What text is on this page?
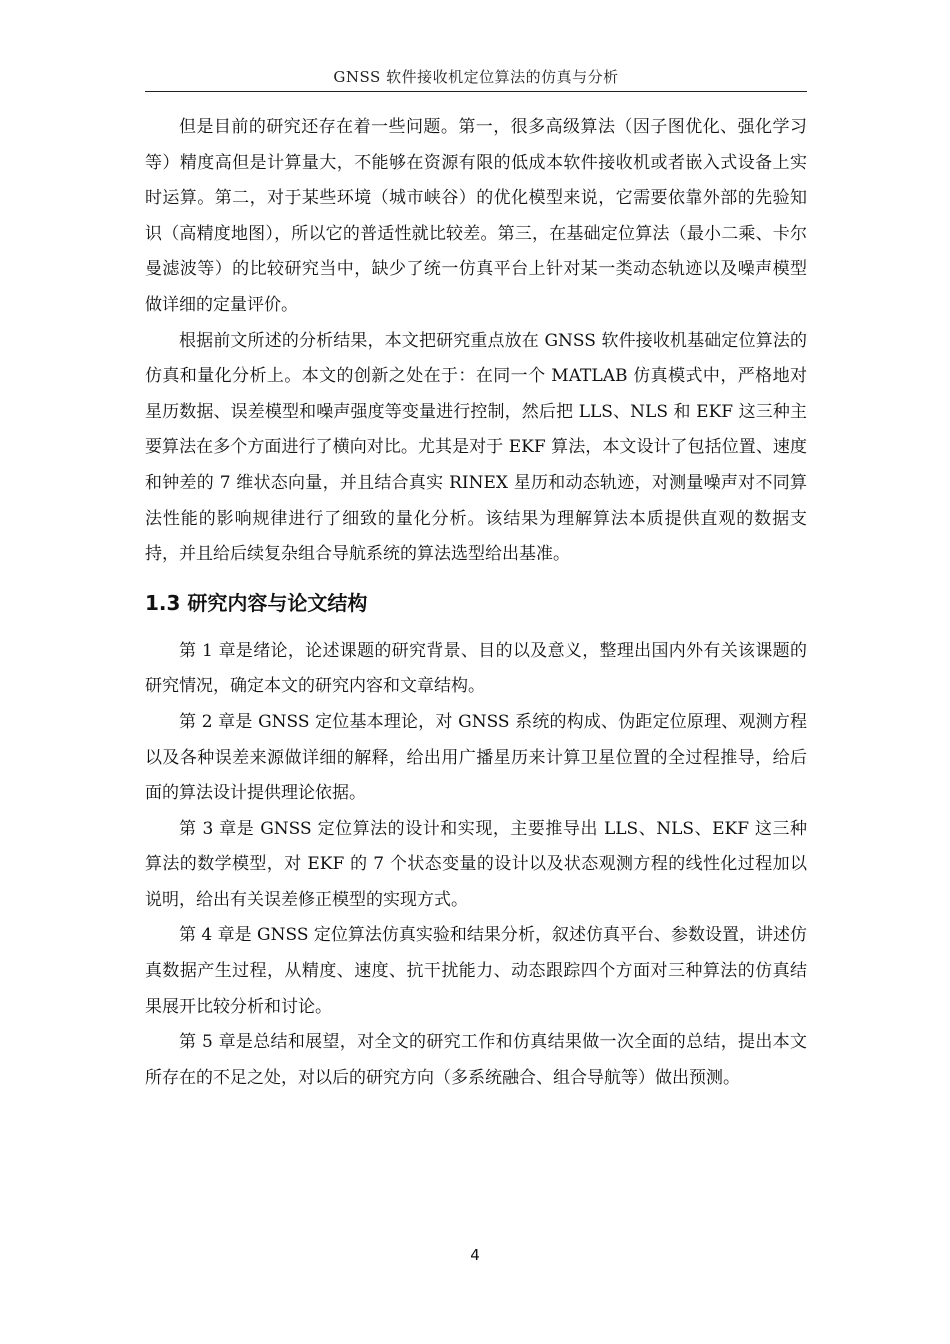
GNSS 软件接收机定位算法的仿真与分析

但是目前的研究还存在着一些问题。第一，很多高级算法（因子图优化、强化学习等）精度高但是计算量大，不能够在资源有限的低成本软件接收机或者嵌入式设备上实时运算。第二，对于某些环境（城市峡谷）的优化模型来说，它需要依靠外部的先验知识（高精度地图），所以它的普适性就比较差。第三，在基础定位算法（最小二乘、卡尔曼滤波等）的比较研究当中，缺少了统一仿真平台上针对某一类动态轨迹以及噪声模型做详细的定量评价。

根据前文所述的分析结果，本文把研究重点放在 GNSS 软件接收机基础定位算法的仿真和量化分析上。本文的创新之处在于：在同一个 MATLAB 仿真模式中，严格地对星历数据、误差模型和噪声强度等变量进行控制，然后把 LLS、NLS 和 EKF 这三种主要算法在多个方面进行了横向对比。尤其是对于 EKF 算法，本文设计了包括位置、速度和钟差的 7 维状态向量，并且结合真实 RINEX 星历和动态轨迹，对测量噪声对不同算法性能的影响规律进行了细致的量化分析。该结果为理解算法本质提供直观的数据支持，并且给后续复杂组合导航系统的算法选型给出基准。

1.3 研究内容与论文结构

第 1 章是绪论，论述课题的研究背景、目的以及意义，整理出国内外有关该课题的研究情况，确定本文的研究内容和文章结构。

第 2 章是 GNSS 定位基本理论，对 GNSS 系统的构成、伪距定位原理、观测方程以及各种误差来源做详细的解释，给出用广播星历来计算卫星位置的全过程推导，给后面的算法设计提供理论依据。

第 3 章是 GNSS 定位算法的设计和实现，主要推导出 LLS、NLS、EKF 这三种算法的数学模型，对 EKF 的 7 个状态变量的设计以及状态观测方程的线性化过程加以说明，给出有关误差修正模型的实现方式。

第 4 章是 GNSS 定位算法仿真实验和结果分析，叙述仿真平台、参数设置，讲述仿真数据产生过程，从精度、速度、抗干扰能力、动态跟踪四个方面对三种算法的仿真结果展开比较分析和讨论。

第 5 章是总结和展望，对全文的研究工作和仿真结果做一次全面的总结，提出本文所存在的不足之处，对以后的研究方向（多系统融合、组合导航等）做出预测。

4
